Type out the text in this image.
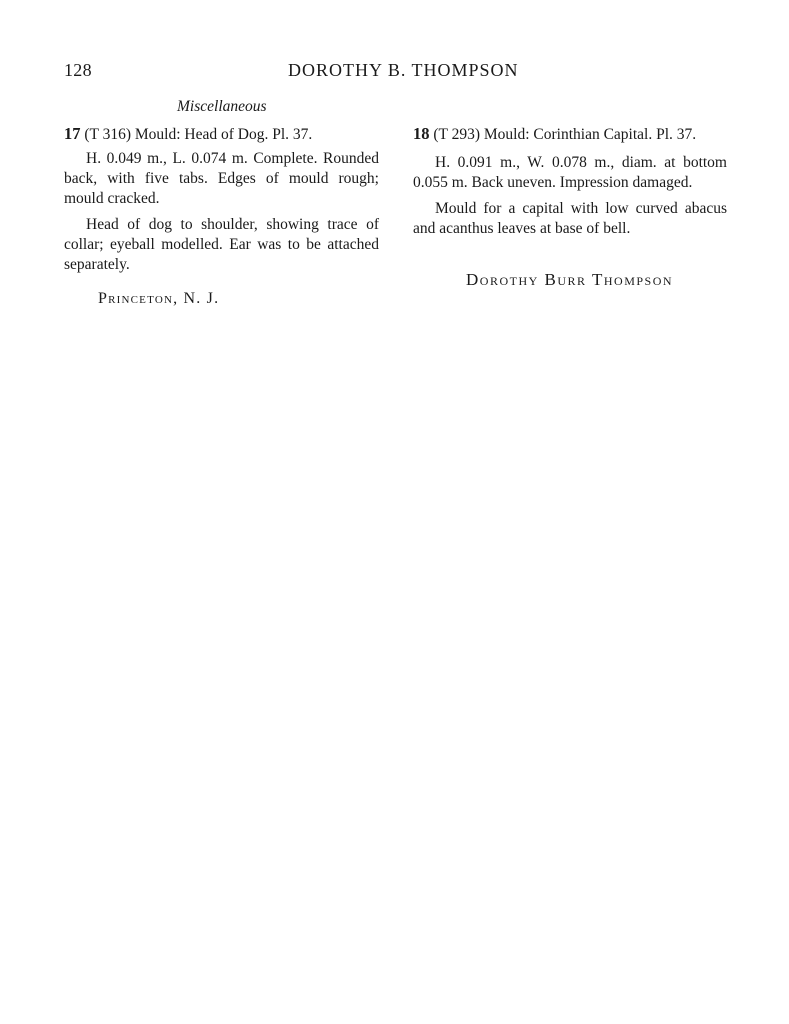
128	DOROTHY B. THOMPSON
Miscellaneous

17 (T 316) Mould: Head of Dog. Pl. 37.

H. 0.049 m., L. 0.074 m. Complete. Rounded back, with five tabs. Edges of mould rough; mould cracked.

Head of dog to shoulder, showing trace of collar; eyeball modelled. Ear was to be attached separately.

18 (T 293) Mould: Corinthian Capital. Pl. 37.

H. 0.091 m., W. 0.078 m., diam. at bottom 0.055 m. Back uneven. Impression damaged.

Mould for a capital with low curved abacus and acanthus leaves at base of bell.

Princeton, N. J.
Dorothy Burr Thompson
